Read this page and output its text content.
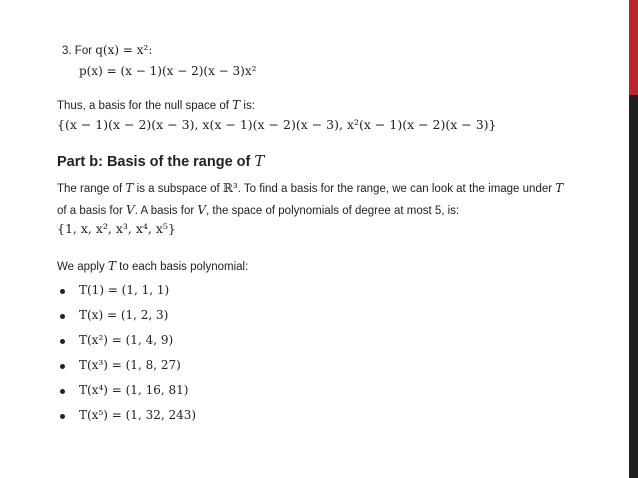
3. For q(x) = x²:
p(x) = (x − 1)(x − 2)(x − 3)x²
Thus, a basis for the null space of T is:
{(x − 1)(x − 2)(x − 3), x(x − 1)(x − 2)(x − 3), x²(x − 1)(x − 2)(x − 3)}
Part b: Basis of the range of T
The range of T is a subspace of ℝ³. To find a basis for the range, we can look at the image under T
of a basis for V. A basis for V, the space of polynomials of degree at most 5, is:
{1, x, x², x³, x⁴, x⁵}
We apply T to each basis polynomial:
T(1) = (1, 1, 1)
T(x) = (1, 2, 3)
T(x²) = (1, 4, 9)
T(x³) = (1, 8, 27)
T(x⁴) = (1, 16, 81)
T(x⁵) = (1, 32, 243)
